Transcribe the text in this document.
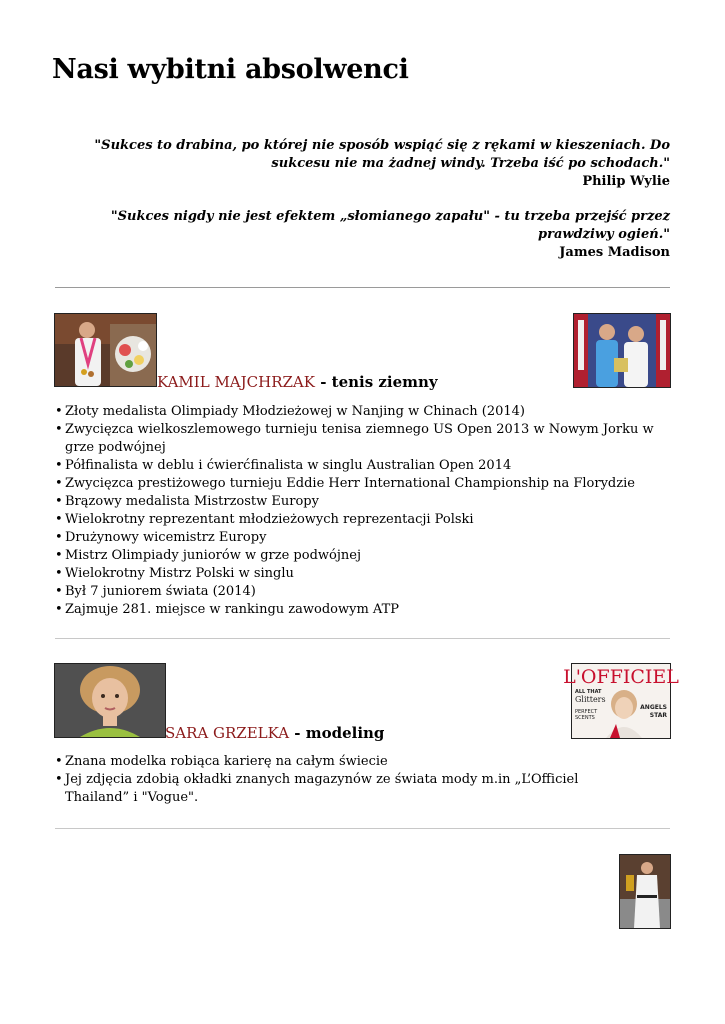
Nasi wybitni absolwenci
"Sukces to drabina, po której nie sposób wspiąć się z rękami w kieszeniach. Do sukcesu nie ma żadnej windy. Trzeba iść po schodach."
Philip Wylie
"Sukces nigdy nie jest efektem „słomianego zapału" - tu trzeba przejść przez prawdziwy ogień."
James Madison
KAMIL MAJCHRZAK - tenis ziemny
• Złoty medalista Olimpiady Młodzieżowej w Nanjing w Chinach (2014)
• Zwycięzca wielkoszlemowego turnieju tenisa ziemnego US Open 2013 w Nowym Jorku w grze podwójnej
• Półfinalista w deblu i ćwierćfinalista w singlu Australian Open 2014
• Zwycięzca prestiżowego turnieju Eddie Herr International Championship na Florydzie
• Brązowy medalista Mistrzostw Europy
• Wielokrotny reprezentant młodzieżowych reprezentacji Polski
• Drużynowy wicemistrz Europy
• Mistrz Olimpiady juniorów w grze podwójnej
• Wielokrotny Mistrz Polski w singlu
• Był 7 juniorem świata (2014)
• Zajmuje 281. miejsce w rankingu zawodowym ATP
L'OFFICIEL
ALL THAT
Glitters
PERFECT
SCENTS
ANGELS
STAR
SARA GRZELKA - modeling
• Znana modelka robiąca karierę na całym świecie
• Jej zdjęcia zdobią okładki znanych magazynów ze świata mody m.in „L’Officiel Thailand” i "Vogue".
